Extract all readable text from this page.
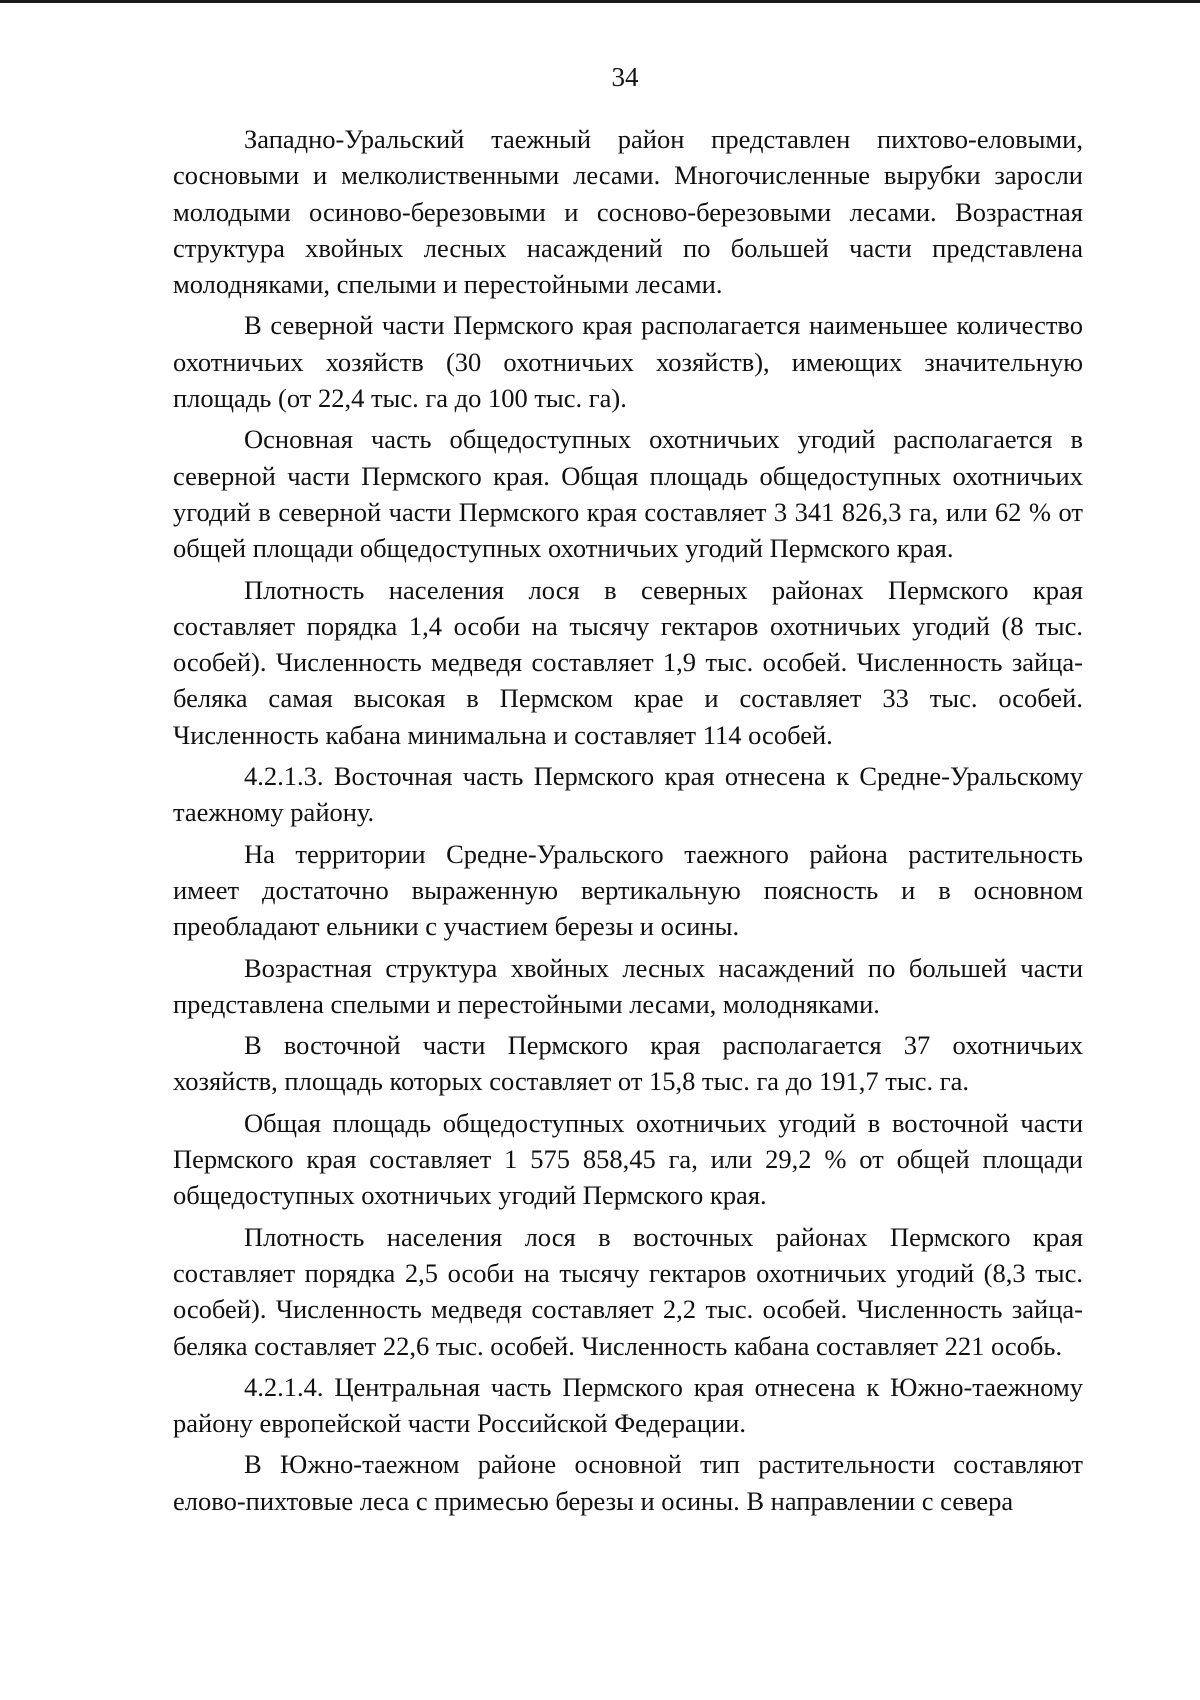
34

Западно-Уральский таежный район представлен пихтово-еловыми, сосновыми и мелколиственными лесами. Многочисленные вырубки заросли молодыми осиново-березовыми и сосново-березовыми лесами. Возрастная структура хвойных лесных насаждений по большей части представлена молодняками, спелыми и перестойными лесами.

В северной части Пермского края располагается наименьшее количество охотничьих хозяйств (30 охотничьих хозяйств), имеющих значительную площадь (от 22,4 тыс. га до 100 тыс. га).

Основная часть общедоступных охотничьих угодий располагается в северной части Пермского края. Общая площадь общедоступных охотничьих угодий в северной части Пермского края составляет 3 341 826,3 га, или 62 % от общей площади общедоступных охотничьих угодий Пермского края.

Плотность населения лося в северных районах Пермского края составляет порядка 1,4 особи на тысячу гектаров охотничьих угодий (8 тыс. особей). Численность медведя составляет 1,9 тыс. особей. Численность зайца-беляка самая высокая в Пермском крае и составляет 33 тыс. особей. Численность кабана минимальна и составляет 114 особей.

4.2.1.3. Восточная часть Пермского края отнесена к Средне-Уральскому таежному району.

На территории Средне-Уральского таежного района растительность имеет достаточно выраженную вертикальную поясность и в основном преобладают ельники с участием березы и осины.

Возрастная структура хвойных лесных насаждений по большей части представлена спелыми и перестойными лесами, молодняками.

В восточной части Пермского края располагается 37 охотничьих хозяйств, площадь которых составляет от 15,8 тыс. га до 191,7 тыс. га.

Общая площадь общедоступных охотничьих угодий в восточной части Пермского края составляет 1 575 858,45 га, или 29,2 % от общей площади общедоступных охотничьих угодий Пермского края.

Плотность населения лося в восточных районах Пермского края составляет порядка 2,5 особи на тысячу гектаров охотничьих угодий (8,3 тыс. особей). Численность медведя составляет 2,2 тыс. особей. Численность зайца-беляка составляет 22,6 тыс. особей. Численность кабана составляет 221 особь.

4.2.1.4. Центральная часть Пермского края отнесена к Южно-таежному району европейской части Российской Федерации.

В Южно-таежном районе основной тип растительности составляют елово-пихтовые леса с примесью березы и осины. В направлении с севера
